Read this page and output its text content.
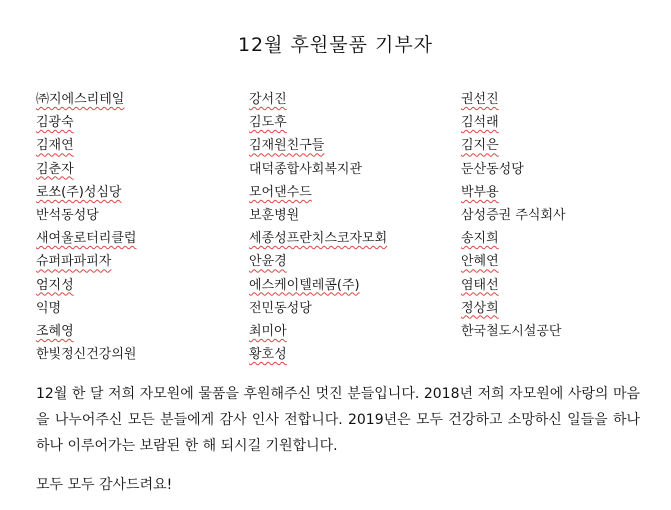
12월 후원물품 기부자
㈜지에스리테일
김광숙
김재연
김춘자
로쏘(주)성심당
반석동성당
새여울로터리클럽
슈퍼파파피자
엄지성
익명
조혜영
한빛정신건강의원
강서진
김도후
김재원친구들
대덕종합사회복지관
모어댄수드
보훈병원
세종성프란치스코자모회
안윤경
에스케이텔레콤(주)
전민동성당
최미아
황호성
권선진
김석래
김지은
둔산동성당
박부용
삼성증권 주식회사
송지희
안혜연
염태선
정상희
한국철도시설공단
12월 한 달 저희 자모원에 물품을 후원해주신 멋진 분들입니다. 2018년 저희 자모원에 사랑의 마음을 나누어주신 모든 분들에게 감사 인사 전합니다. 2019년은 모두 건강하고 소망하신 일들을 하나하나 이루어가는 보람된 한 해 되시길 기원합니다.
모두 모두 감사드려요!
